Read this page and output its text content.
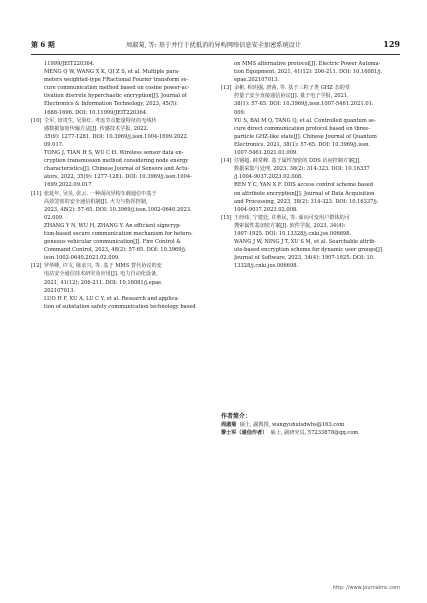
第 6 期	周淑菊, 等: 基于并行于扰抵消的异构网络信息安全加密系统设计	129
11999/JEIT220364.
MENG Q W, WANG X K, QI Z S, et al. Multiple para-
meters weighted-type FRactional Fourier transform se-
cure communication method based on cosine power-ac-
tivation discrete hyperchaotic encryption[J]. Journal of
Electronics & Information Technology, 2023, 45(5):
1688-1696. DOI: 10.11999/JEIT220364.
[10] 仝军, 田贵生, 吴果红. 考虑节点能量特征的无线传
感数据加密传输方法[J]. 传感技术学报, 2022,
35(9): 1277-1281. DOI: 10.3969/j.issn.1004-1699.2022.
09.017.
TONG J, TIAN H S, WU C H. Wireless sensor data en-
cryption transmission method considering node energy
characteristics[J]. Chinese Journal of Sensors and Actu-
ators, 2022, 35(9): 1277-1281. DOI: 10.3969/j.issn.1004-
1699.2022.09.017.
[11] 张延年, 吴昊, 张云. 一种面向异构车载通信中基于
高效签密的安全通信机制[J]. 火力与指挥控制,
2023, 48(2): 57-65. DOI: 10.3969/j.issn.1002-0640.2023.
02.009.
ZHANG Y N, WU H, ZHANG Y. An efficient signcryp-
tion-based secure communication mechanism for hetero-
geneous vehicular communication[J]. Fire Control &
Command Control, 2023, 48(2): 57-65. DOI: 10.3969/j.
issn.1002-0640.2023.02.009.
[12] 罗华峰, 许文, 陈求兴, 等. 基于 MMS 替代协议的变
电站安全通信技术研究及应用[J]. 电力自动化设备,
2021, 41(12): 206-211. DOI: 10.16081/j.epae.
202107013.
LUO H F, XU A, LU C Y, et al. Research and applica-
tion of substation safety communication technology based
on MMS alternative protocol[J]. Electric Power Automa-
tion Equipment, 2021, 41(12): 206-211. DOI: 10.16081/j.
epae.202107013.
[13] 余彬, 柏玥强, 唐茜, 等. 基于三粒子类 GHZ 态的受
控量子安全直接通信协议[J]. 量子电子学报, 2021,
38(1): 57-65. DOI: 10.3969/j.issn.1007-5461.2021.01.
009.
YU S, BAI M Q, TANG Q, et al. Controlled quantum se-
cure direct communication protocol based on three-
particle GHZ-like state[J]. Chinese Journal of Quantum
Electronics, 2021, 38(1): 57-65. DOI: 10.3969/j.issn.
1007-5461.2021.01.009.
[14] 任钢超, 薛常峰. 基于属性加密的 DDS 访问控制方案[J].
数据采集与处理, 2023, 38(2): 314-323. DOI: 10.16337
/j.1004-9037.2023.02.008.
REN Y C, YAN X F. DDS access control scheme based
on attribute encryption[J]. Journal of Data Acquisition
and Processing, 2023, 38(2): 314-323. DOI: 10.16337/j.
1004-9037.2023.02.008.
[15] 王经纬, 宁建廷, 许胜民, 等. 面向可变用户群体的可
搜索属性基加密方案[J]. 软件学报, 2023, 34(4):
1907-1925. DOI: 10.13328/j.cnki.jos.006698.
WANG J W, NING J T, XU S M, et al. Searchable attrib-
ute-based encryption scheme for dynamic user groups[J].
Journal of Software, 2023, 34(4): 1907-1925. DOI: 10.
13328/j.cnki.jos.006698.
作者简介：
周淑菊 硕士, 副教授, wangyuhuisdwhs@163.com
黎士军（通信作者） 硕士, 副研究员, 57233878@qq.com
http: //www.journalmc.com
